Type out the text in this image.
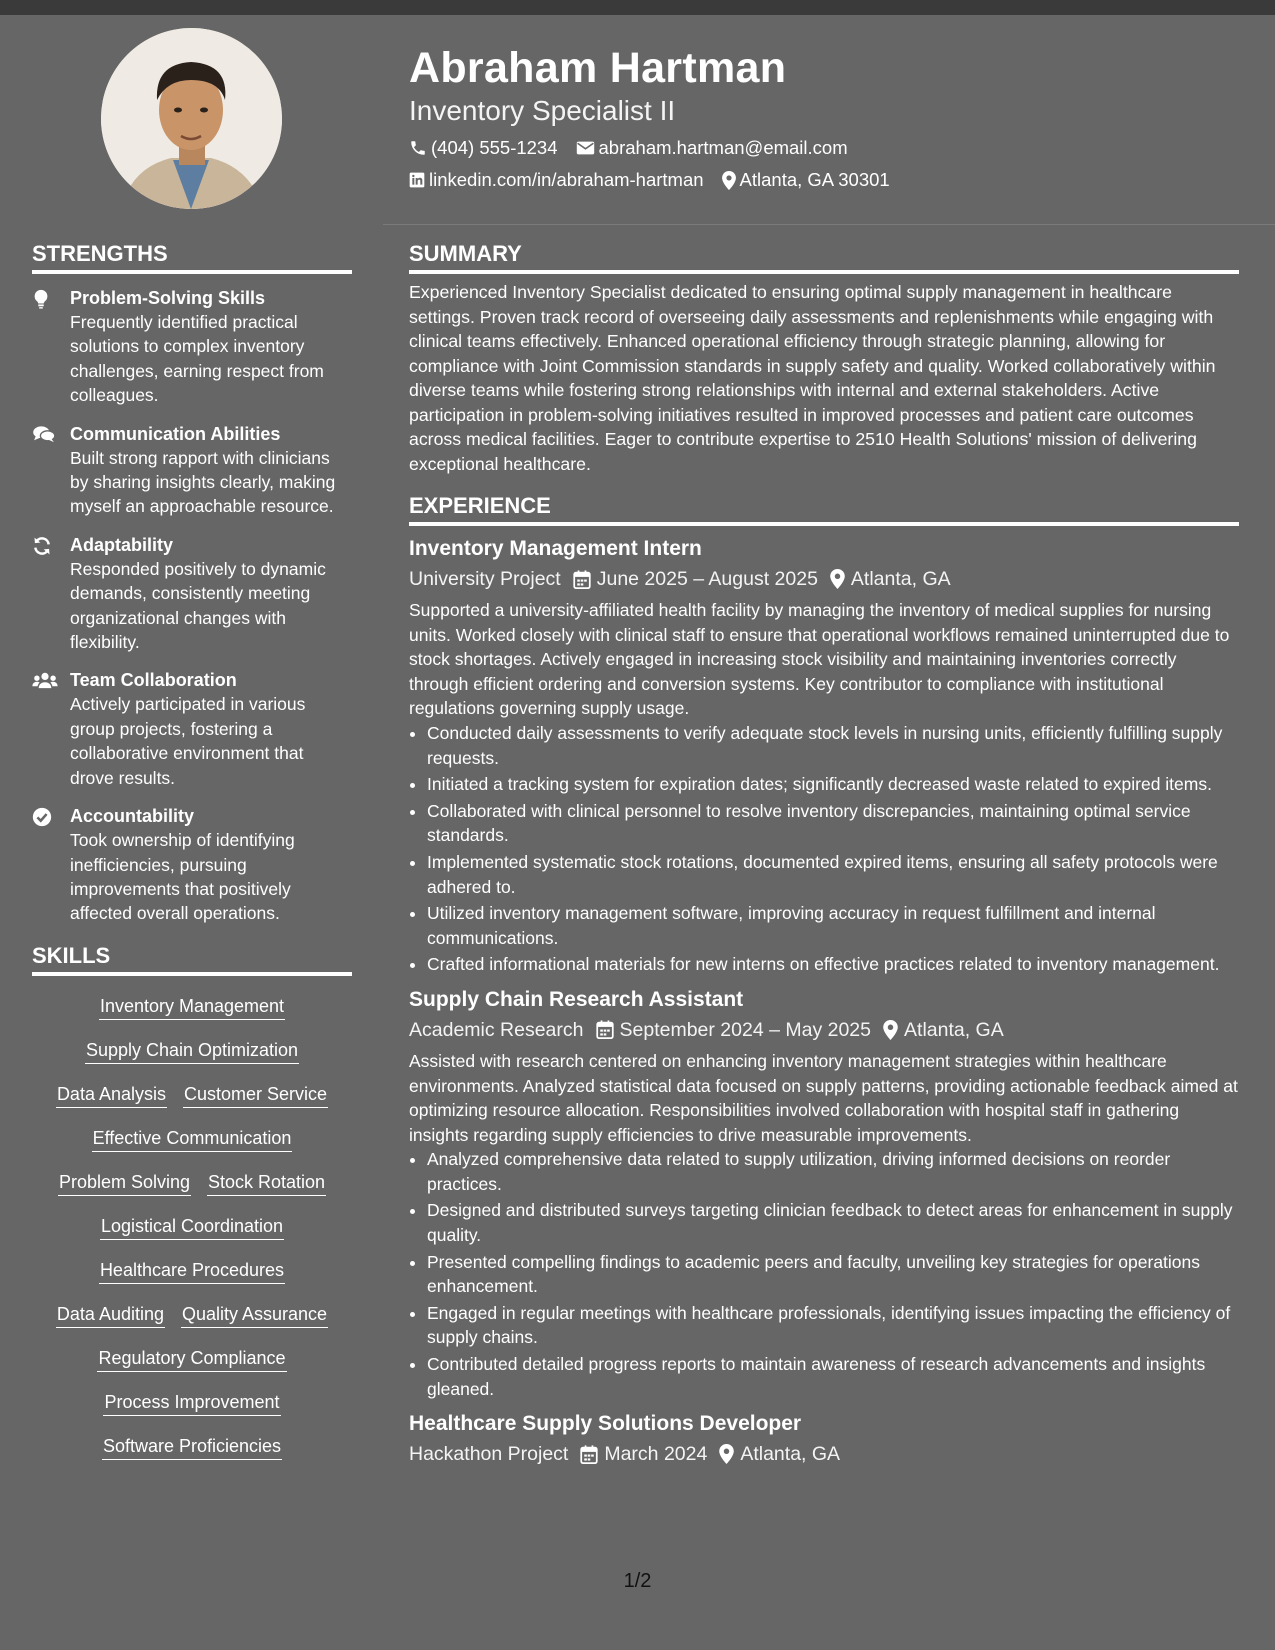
Abraham Hartman
Inventory Specialist II
(404) 555-1234 abraham.hartman@email.com
linkedin.com/in/abraham-hartman Atlanta, GA 30301
STRENGTHS
Problem-Solving Skills
Frequently identified practical solutions to complex inventory challenges, earning respect from colleagues.
Communication Abilities
Built strong rapport with clinicians by sharing insights clearly, making myself an approachable resource.
Adaptability
Responded positively to dynamic demands, consistently meeting organizational changes with flexibility.
Team Collaboration
Actively participated in various group projects, fostering a collaborative environment that drove results.
Accountability
Took ownership of identifying inefficiencies, pursuing improvements that positively affected overall operations.
SKILLS
Inventory Management
Supply Chain Optimization
Data Analysis Customer Service
Effective Communication
Problem Solving Stock Rotation
Logistical Coordination
Healthcare Procedures
Data Auditing Quality Assurance
Regulatory Compliance
Process Improvement
Software Proficiencies
SUMMARY

Experienced Inventory Specialist dedicated to ensuring optimal supply management in healthcare settings. Proven track record of overseeing daily assessments and replenishments while engaging with clinical teams effectively. Enhanced operational efficiency through strategic planning, allowing for compliance with Joint Commission standards in supply safety and quality. Worked collaboratively within diverse teams while fostering strong relationships with internal and external stakeholders. Active participation in problem-solving initiatives resulted in improved processes and patient care outcomes across medical facilities. Eager to contribute expertise to 2510 Health Solutions' mission of delivering exceptional healthcare.

EXPERIENCE
Inventory Management Intern
University Project June 2025 – August 2025 Atlanta, GA
Supported a university-affiliated health facility by managing the inventory of medical supplies for nursing units. Worked closely with clinical staff to ensure that operational workflows remained uninterrupted due to stock shortages. Actively engaged in increasing stock visibility and maintaining inventories correctly through efficient ordering and conversion systems. Key contributor to compliance with institutional regulations governing supply usage.
• Conducted daily assessments to verify adequate stock levels in nursing units, efficiently fulfilling supply requests.
• Initiated a tracking system for expiration dates; significantly decreased waste related to expired items.
• Collaborated with clinical personnel to resolve inventory discrepancies, maintaining optimal service standards.
• Implemented systematic stock rotations, documented expired items, ensuring all safety protocols were adhered to.
• Utilized inventory management software, improving accuracy in request fulfillment and internal communications.
• Crafted informational materials for new interns on effective practices related to inventory management.
Supply Chain Research Assistant
Academic Research September 2024 – May 2025 Atlanta, GA
Assisted with research centered on enhancing inventory management strategies within healthcare environments. Analyzed statistical data focused on supply patterns, providing actionable feedback aimed at optimizing resource allocation. Responsibilities involved collaboration with hospital staff in gathering insights regarding supply efficiencies to drive measurable improvements.
• Analyzed comprehensive data related to supply utilization, driving informed decisions on reorder practices.
• Designed and distributed surveys targeting clinician feedback to detect areas for enhancement in supply quality.
• Presented compelling findings to academic peers and faculty, unveiling key strategies for operations enhancement.
• Engaged in regular meetings with healthcare professionals, identifying issues impacting the efficiency of supply chains.
• Contributed detailed progress reports to maintain awareness of research advancements and insights gleaned.
Healthcare Supply Solutions Developer
Hackathon Project March 2024 Atlanta, GA
1/2
